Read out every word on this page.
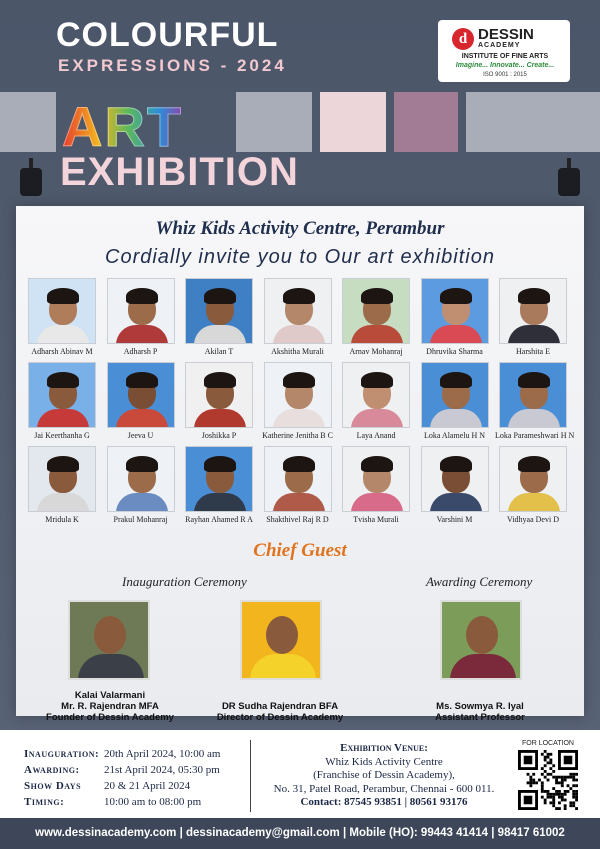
COLOURFUL
EXPRESSIONS - 2024
d DESSIN
ACADEMY
INSTITUTE OF FINE ARTS
Imagine... Innovate... Create...
ISO 9001 : 2015
ART
EXHIBITION
Whiz Kids Activity Centre, Perambur
Cordially invite you to Our art exhibition
Adharsh Abinav M	Adharsh P	Akilan T	Akshitha Murali	Arnav Mohanraj	Dhruvika Sharma	Harshita E
Jai Keerthanha G	Jeeva U	Joshikka P	Katherine Jenitha B C	Laya Anand	Loka Alamelu H N	Loka Parameshwari H N
Mridula K	Prakul Mohanraj	Rayhan Ahamed R A	Shakthivel Raj R D	Tvisha Murali	Varshini M	Vidhyaa Devi D
Chief Guest
Inauguration Ceremony	Awarding Ceremony
Kalai Valarmani
Mr. R. Rajendran MFA
Founder of Dessin Academy
DR Sudha Rajendran BFA
Director of Dessin Academy
Ms. Sowmya R. Iyal
Assistant Professor
Inauguration: 20th April 2024, 10:00 am
Awarding: 21st April 2024, 05:30 pm
Show Days 20 & 21 April 2024
Timing:	10:00 am to 08:00 pm
Exhibition Venue:
Whiz Kids Activity Centre
(Franchise of Dessin Academy),
No. 31, Patel Road, Perambur, Chennai - 600 011.
Contact: 87545 93851 | 80561 93176
FOR LOCATION
www.dessinacademy.com | dessinacademy@gmail.com | Mobile (HO): 99443 41414 | 98417 61002
